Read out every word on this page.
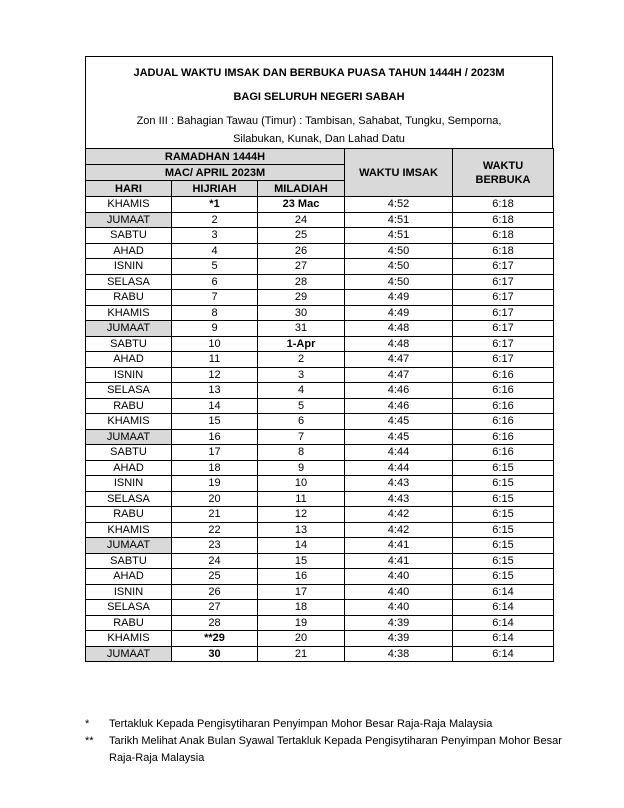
JADUAL WAKTU IMSAK DAN BERBUKA PUASA TAHUN 1444H / 2023M
BAGI SELURUH NEGERI SABAH
Zon III : Bahagian Tawau (Timur) : Tambisan, Sahabat, Tungku, Semporna,
Silabukan, Kunak, Dan Lahad Datu
RAMADHAN 1444H			WAKTU IMSAK	WAKTU
BERBUKA

MAC/ APRIL 2023M				
HARI	HIJRIAH	MILADIAH		
KHAMIS	*1	23 Mac	4:52	6:18
JUMAAT	2	24	4:51	6:18
SABTU	3	25	4:51	6:18
AHAD	4	26	4:50	6:18
ISNIN	5	27	4:50	6:17
SELASA	6	28	4:50	6:17
RABU	7	29	4:49	6:17
KHAMIS	8	30	4:49	6:17
JUMAAT	9	31	4:48	6:17
SABTU	10	1-Apr	4:48	6:17
AHAD	11	2	4:47	6:17
ISNIN	12	3	4:47	6:16
SELASA	13	4	4:46	6:16
RABU	14	5	4:46	6:16
KHAMIS	15	6	4:45	6:16
JUMAAT	16	7	4:45	6:16
SABTU	17	8	4:44	6:16
AHAD	18	9	4:44	6:15
ISNIN	19	10	4:43	6:15
SELASA	20	11	4:43	6:15
RABU	21	12	4:42	6:15
KHAMIS	22	13	4:42	6:15
JUMAAT	23	14	4:41	6:15
SABTU	24	15	4:41	6:15
AHAD	25	16	4:40	6:15
ISNIN	26	17	4:40	6:14
SELASA	27	18	4:40	6:14
RABU	28	19	4:39	6:14
KHAMIS	**29	20	4:39	6:14
JUMAAT	30	21	4:38	6:14
*	Tertakluk Kepada Pengisytiharan Penyimpan Mohor Besar Raja-Raja Malaysia
**	Tarikh Melihat Anak Bulan Syawal Tertakluk Kepada Pengisytiharan Penyimpan Mohor Besar Raja-Raja Malaysia
